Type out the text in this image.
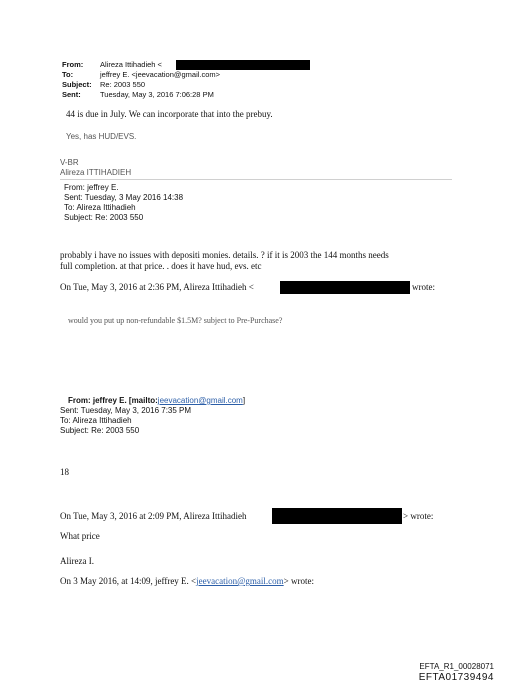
From: Alireza Ittihadieh <
To:	jeffrey E. <jeevacation@gmail.com>
Subject: Re: 2003 550
Sent:	Tuesday, May 3, 2016 7:06:28 PM
44 is due in July. We can incorporate that into the prebuy.
Yes, has HUD/EVS.
V-BR
Alireza ITTIHADIEH
From: jeffrey E.
Sent: Tuesday, 3 May 2016 14:38
To: Alireza Ittihadieh
Subject: Re: 2003 550
probably i have no issues with depositi monies. details. ? if it is 2003 the 144 months needs
full completion. at that price. . does it have hud, evs. etc
On Tue, May 3, 2016 at 2:36 PM, Alireza Ittihadieh <	wrote:
would you put up non-refundable $1.5M? subject to Pre-Purchase?
From: jeffrey E. [mailto:jeevacation@gmail.com]
Sent: Tuesday, May 3, 2016 7:35 PM
To: Alireza Ittihadieh
Subject: Re: 2003 550
18
On Tue, May 3, 2016 at 2:09 PM, Alireza Ittihadieh	> wrote:
What price
Alireza I.
On 3 May 2016, at 14:09, jeffrey E. <jeevacation@gmail.com> wrote:
EFTA_R1_00028071
EFTA01739494
